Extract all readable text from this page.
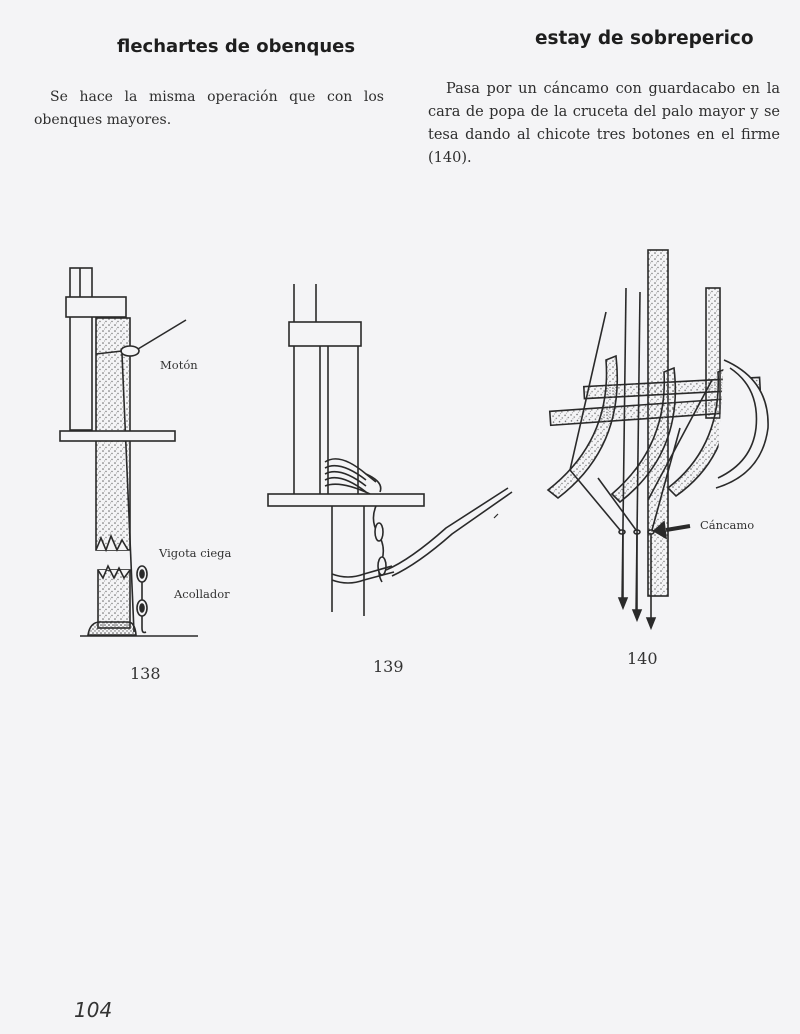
flechartes de obenques	estay de sobreperico
Se hace la misma operación que con los obenques mayores.
Pasa por un cáncamo con guardacabo en la cara de popa de la cruceta del palo mayor y se tesa dando al chicote tres botones en el firme (140).
Motón
Vigota ciega
Acollador
Cáncamo
138	139	140
104
